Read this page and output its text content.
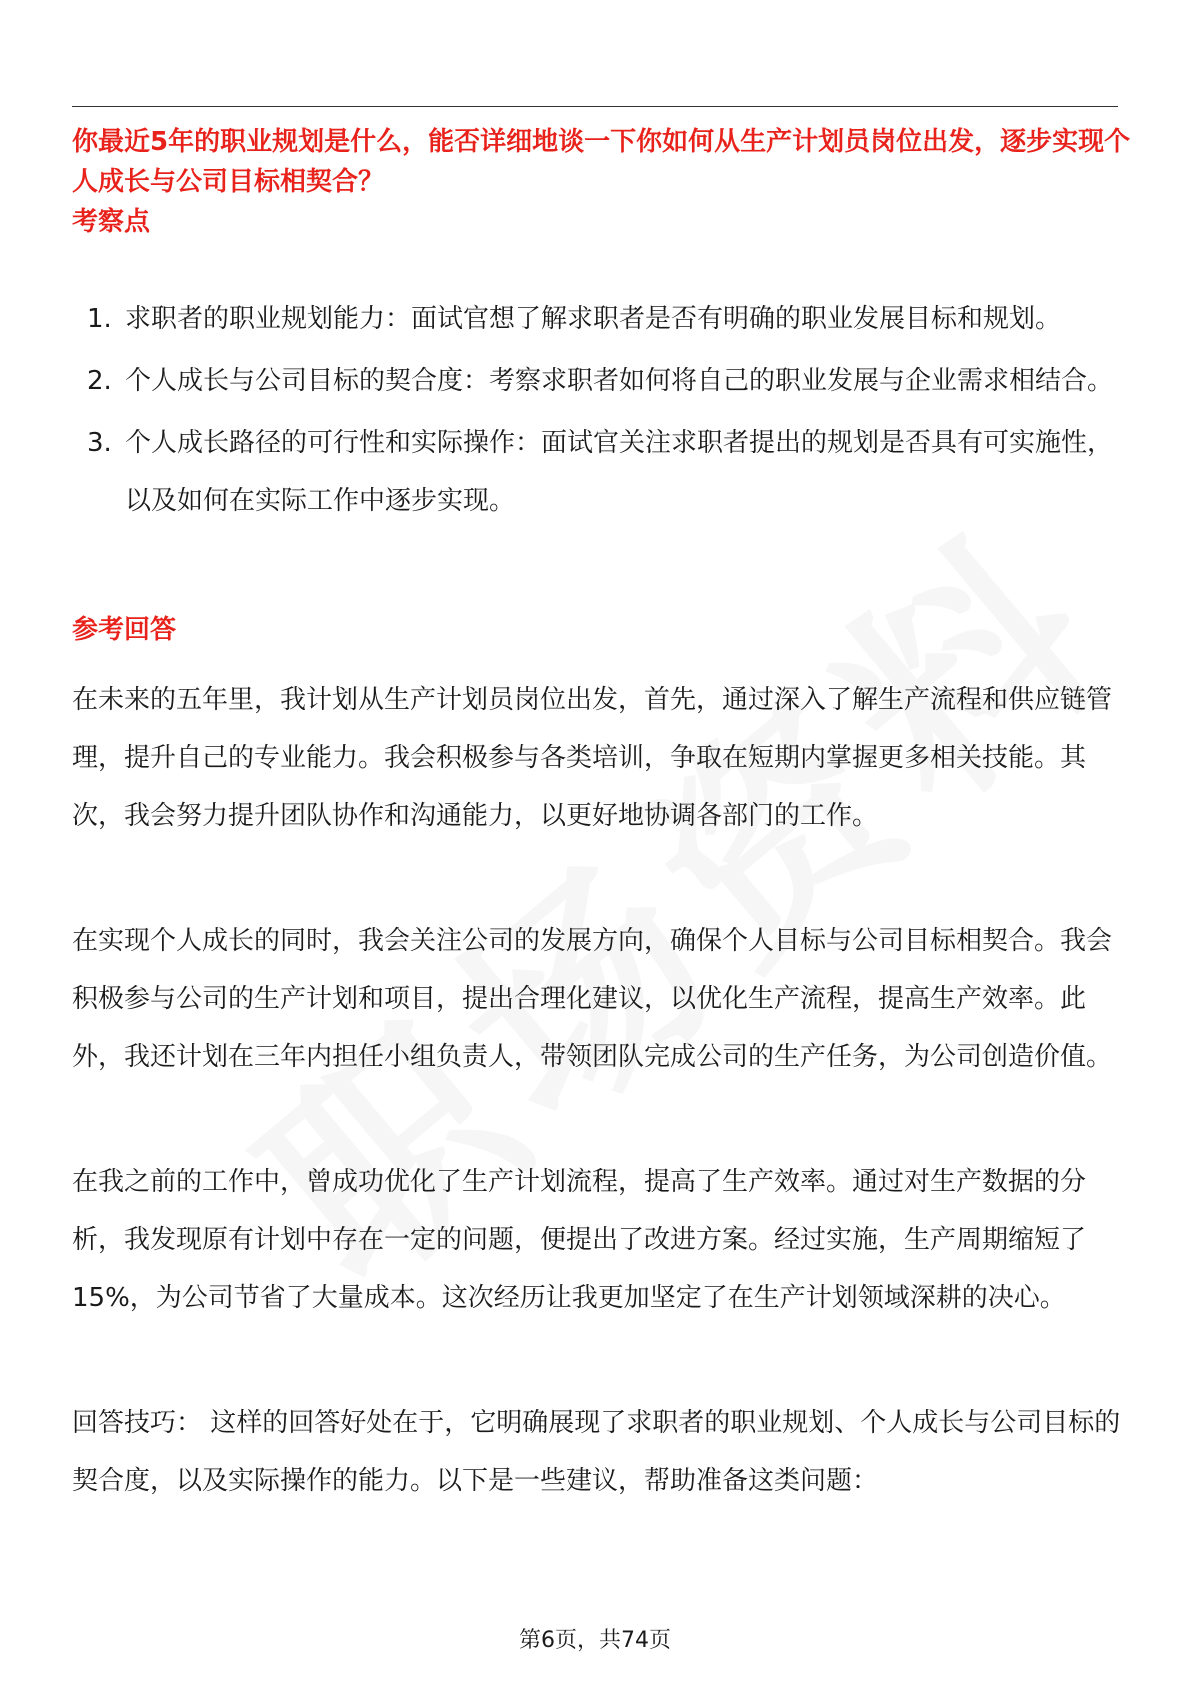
你最近5年的职业规划是什么，能否详细地谈一下你如何从生产计划员岗位出发，逐步实现个人成长与公司目标相契合？

考察点
1. 求职者的职业规划能力：面试官想了解求职者是否有明确的职业发展目标和规划。
2. 个人成长与公司目标的契合度：考察求职者如何将自己的职业发展与企业需求相结合。
3. 个人成长路径的可行性和实际操作：面试官关注求职者提出的规划是否具有可实施性，以及如何在实际工作中逐步实现。
参考回答

在未来的五年里，我计划从生产计划员岗位出发，首先，通过深入了解生产流程和供应链管理，提升自己的专业能力。我会积极参与各类培训，争取在短期内掌握更多相关技能。其次，我会努力提升团队协作和沟通能力，以更好地协调各部门的工作。

在实现个人成长的同时，我会关注公司的发展方向，确保个人目标与公司目标相契合。我会积极参与公司的生产计划和项目，提出合理化建议，以优化生产流程，提高生产效率。此外，我还计划在三年内担任小组负责人，带领团队完成公司的生产任务，为公司创造价值。

在我之前的工作中，曾成功优化了生产计划流程，提高了生产效率。通过对生产数据的分析，我发现原有计划中存在一定的问题，便提出了改进方案。经过实施，生产周期缩短了15%，为公司节省了大量成本。这次经历让我更加坚定了在生产计划领域深耕的决心。

回答技巧： 这样的回答好处在于，它明确展现了求职者的职业规划、个人成长与公司目标的契合度，以及实际操作的能力。以下是一些建议，帮助准备这类问题：

第6页，共74页
